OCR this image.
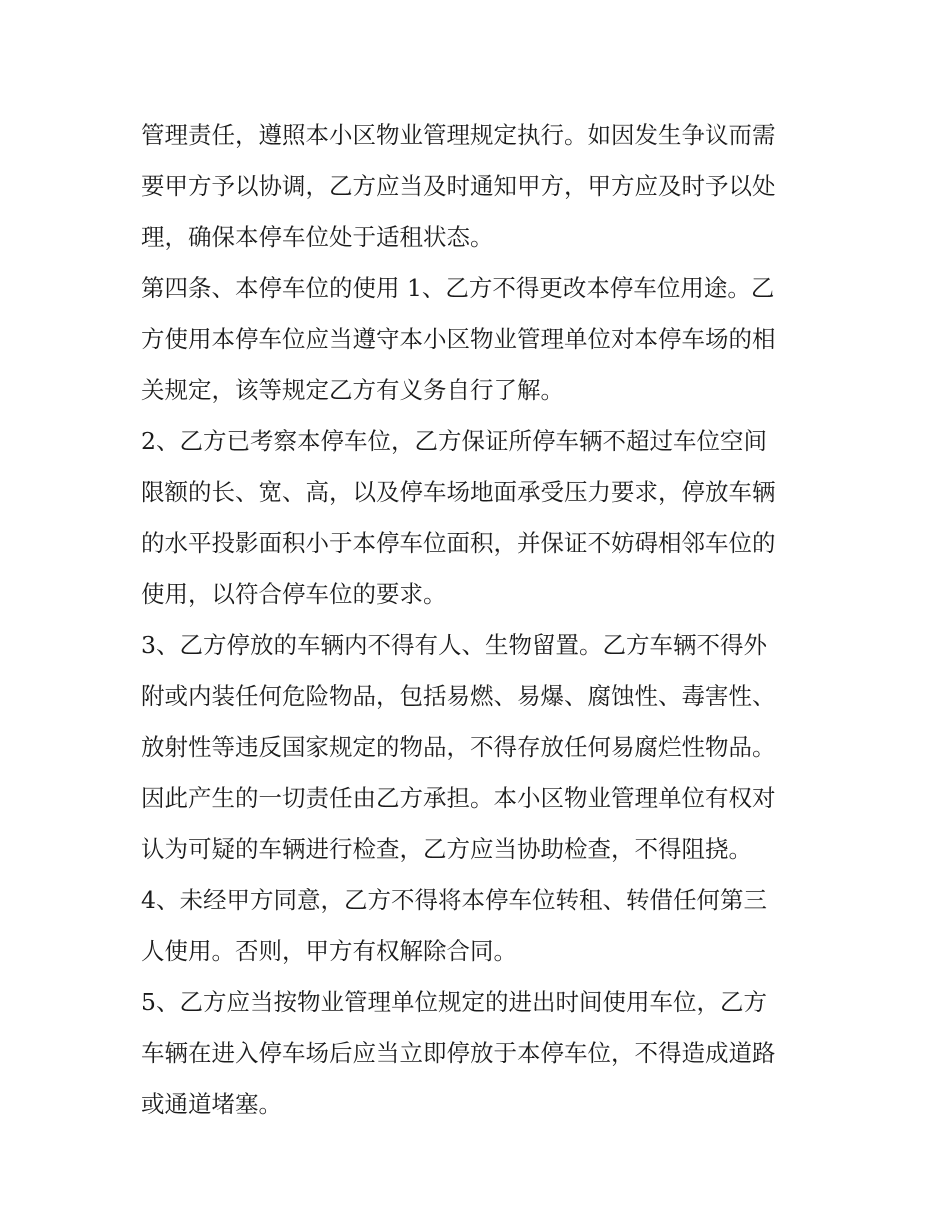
管理责任，遵照本小区物业管理规定执行。如因发生争议而需
要甲方予以协调，乙方应当及时通知甲方，甲方应及时予以处
理，确保本停车位处于适租状态。
第四条、本停车位的使用 1、乙方不得更改本停车位用途。乙
方使用本停车位应当遵守本小区物业管理单位对本停车场的相
关规定，该等规定乙方有义务自行了解。
2、乙方已考察本停车位，乙方保证所停车辆不超过车位空间
限额的长、宽、高，以及停车场地面承受压力要求，停放车辆
的水平投影面积小于本停车位面积，并保证不妨碍相邻车位的
使用，以符合停车位的要求。
3、乙方停放的车辆内不得有人、生物留置。乙方车辆不得外
附或内装任何危险物品，包括易燃、易爆、腐蚀性、毒害性、
放射性等违反国家规定的物品，不得存放任何易腐烂性物品。
因此产生的一切责任由乙方承担。本小区物业管理单位有权对
认为可疑的车辆进行检查，乙方应当协助检查，不得阻挠。
4、未经甲方同意，乙方不得将本停车位转租、转借任何第三
人使用。否则，甲方有权解除合同。
5、乙方应当按物业管理单位规定的进出时间使用车位，乙方
车辆在进入停车场后应当立即停放于本停车位，不得造成道路
或通道堵塞。
